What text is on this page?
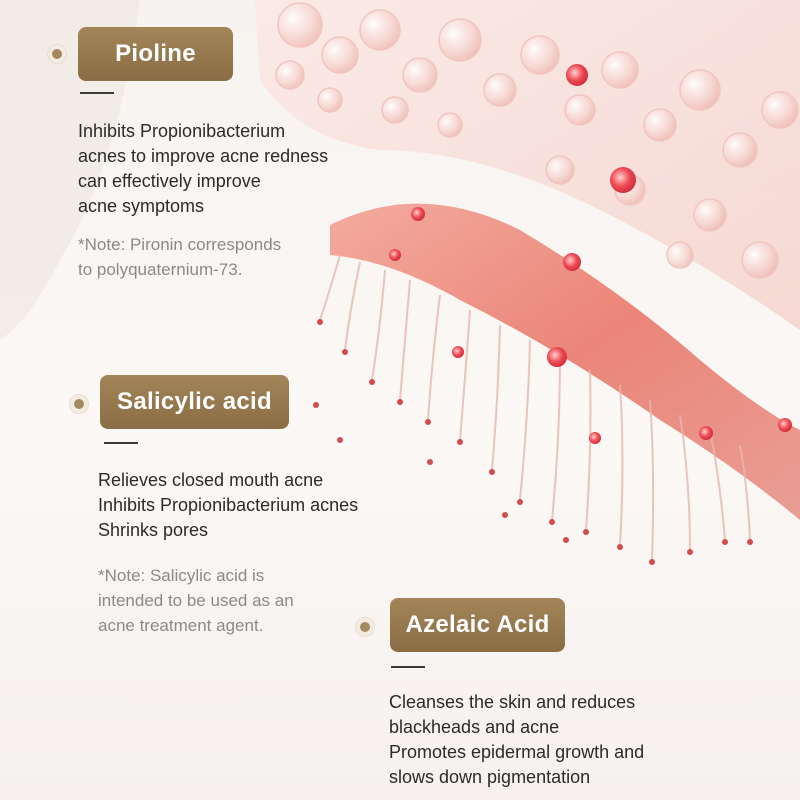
Pioline
Inhibits Propionibacterium
acnes to improve acne redness
can effectively improve
acne symptoms
*Note: Pironin corresponds
to polyquaternium-73.
Salicylic acid
Relieves closed mouth acne
Inhibits Propionibacterium acnes
Shrinks pores
*Note: Salicylic acid is
intended to be used as an
acne treatment agent.	Azelaic Acid
Cleanses the skin and reduces
blackheads and acne
Promotes epidermal growth and
slows down pigmentation
